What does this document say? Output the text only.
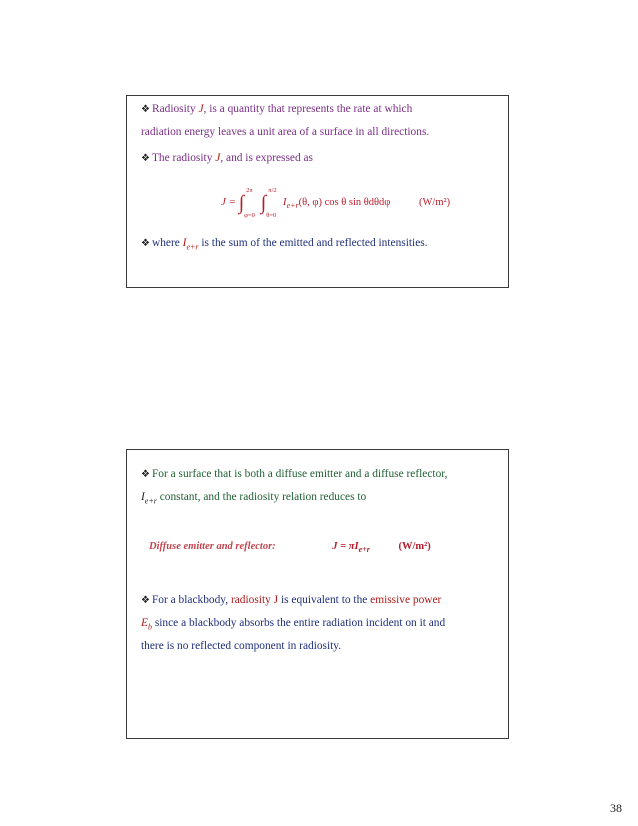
❖ Radiosity J, is a quantity that represents the rate at which
radiation energy leaves a unit area of a surface in all directions.

❖ The radiosity J, and is expressed as

J = ∫
2π
φ=0
∫
π/2
θ=0
$I_{e+r}(\theta$, φ) cos θ sin θdθdφ	(W/m²)

❖ where $I_{e+r}$ is the sum of the emitted and reflected intensities.

❖ For a surface that is both a diffuse emitter and a diffuse reflector,
$I_{e+r}$ constant, and the radiosity relation reduces to

Diffuse emitter and reflector:	$J = \pi I_{e+r}$	(W/m²)

❖ For a blackbody, radiosity J is equivalent to the emissive power
$E_b$ since a blackbody absorbs the entire radiation incident on it and
there is no reflected component in radiosity.

38
